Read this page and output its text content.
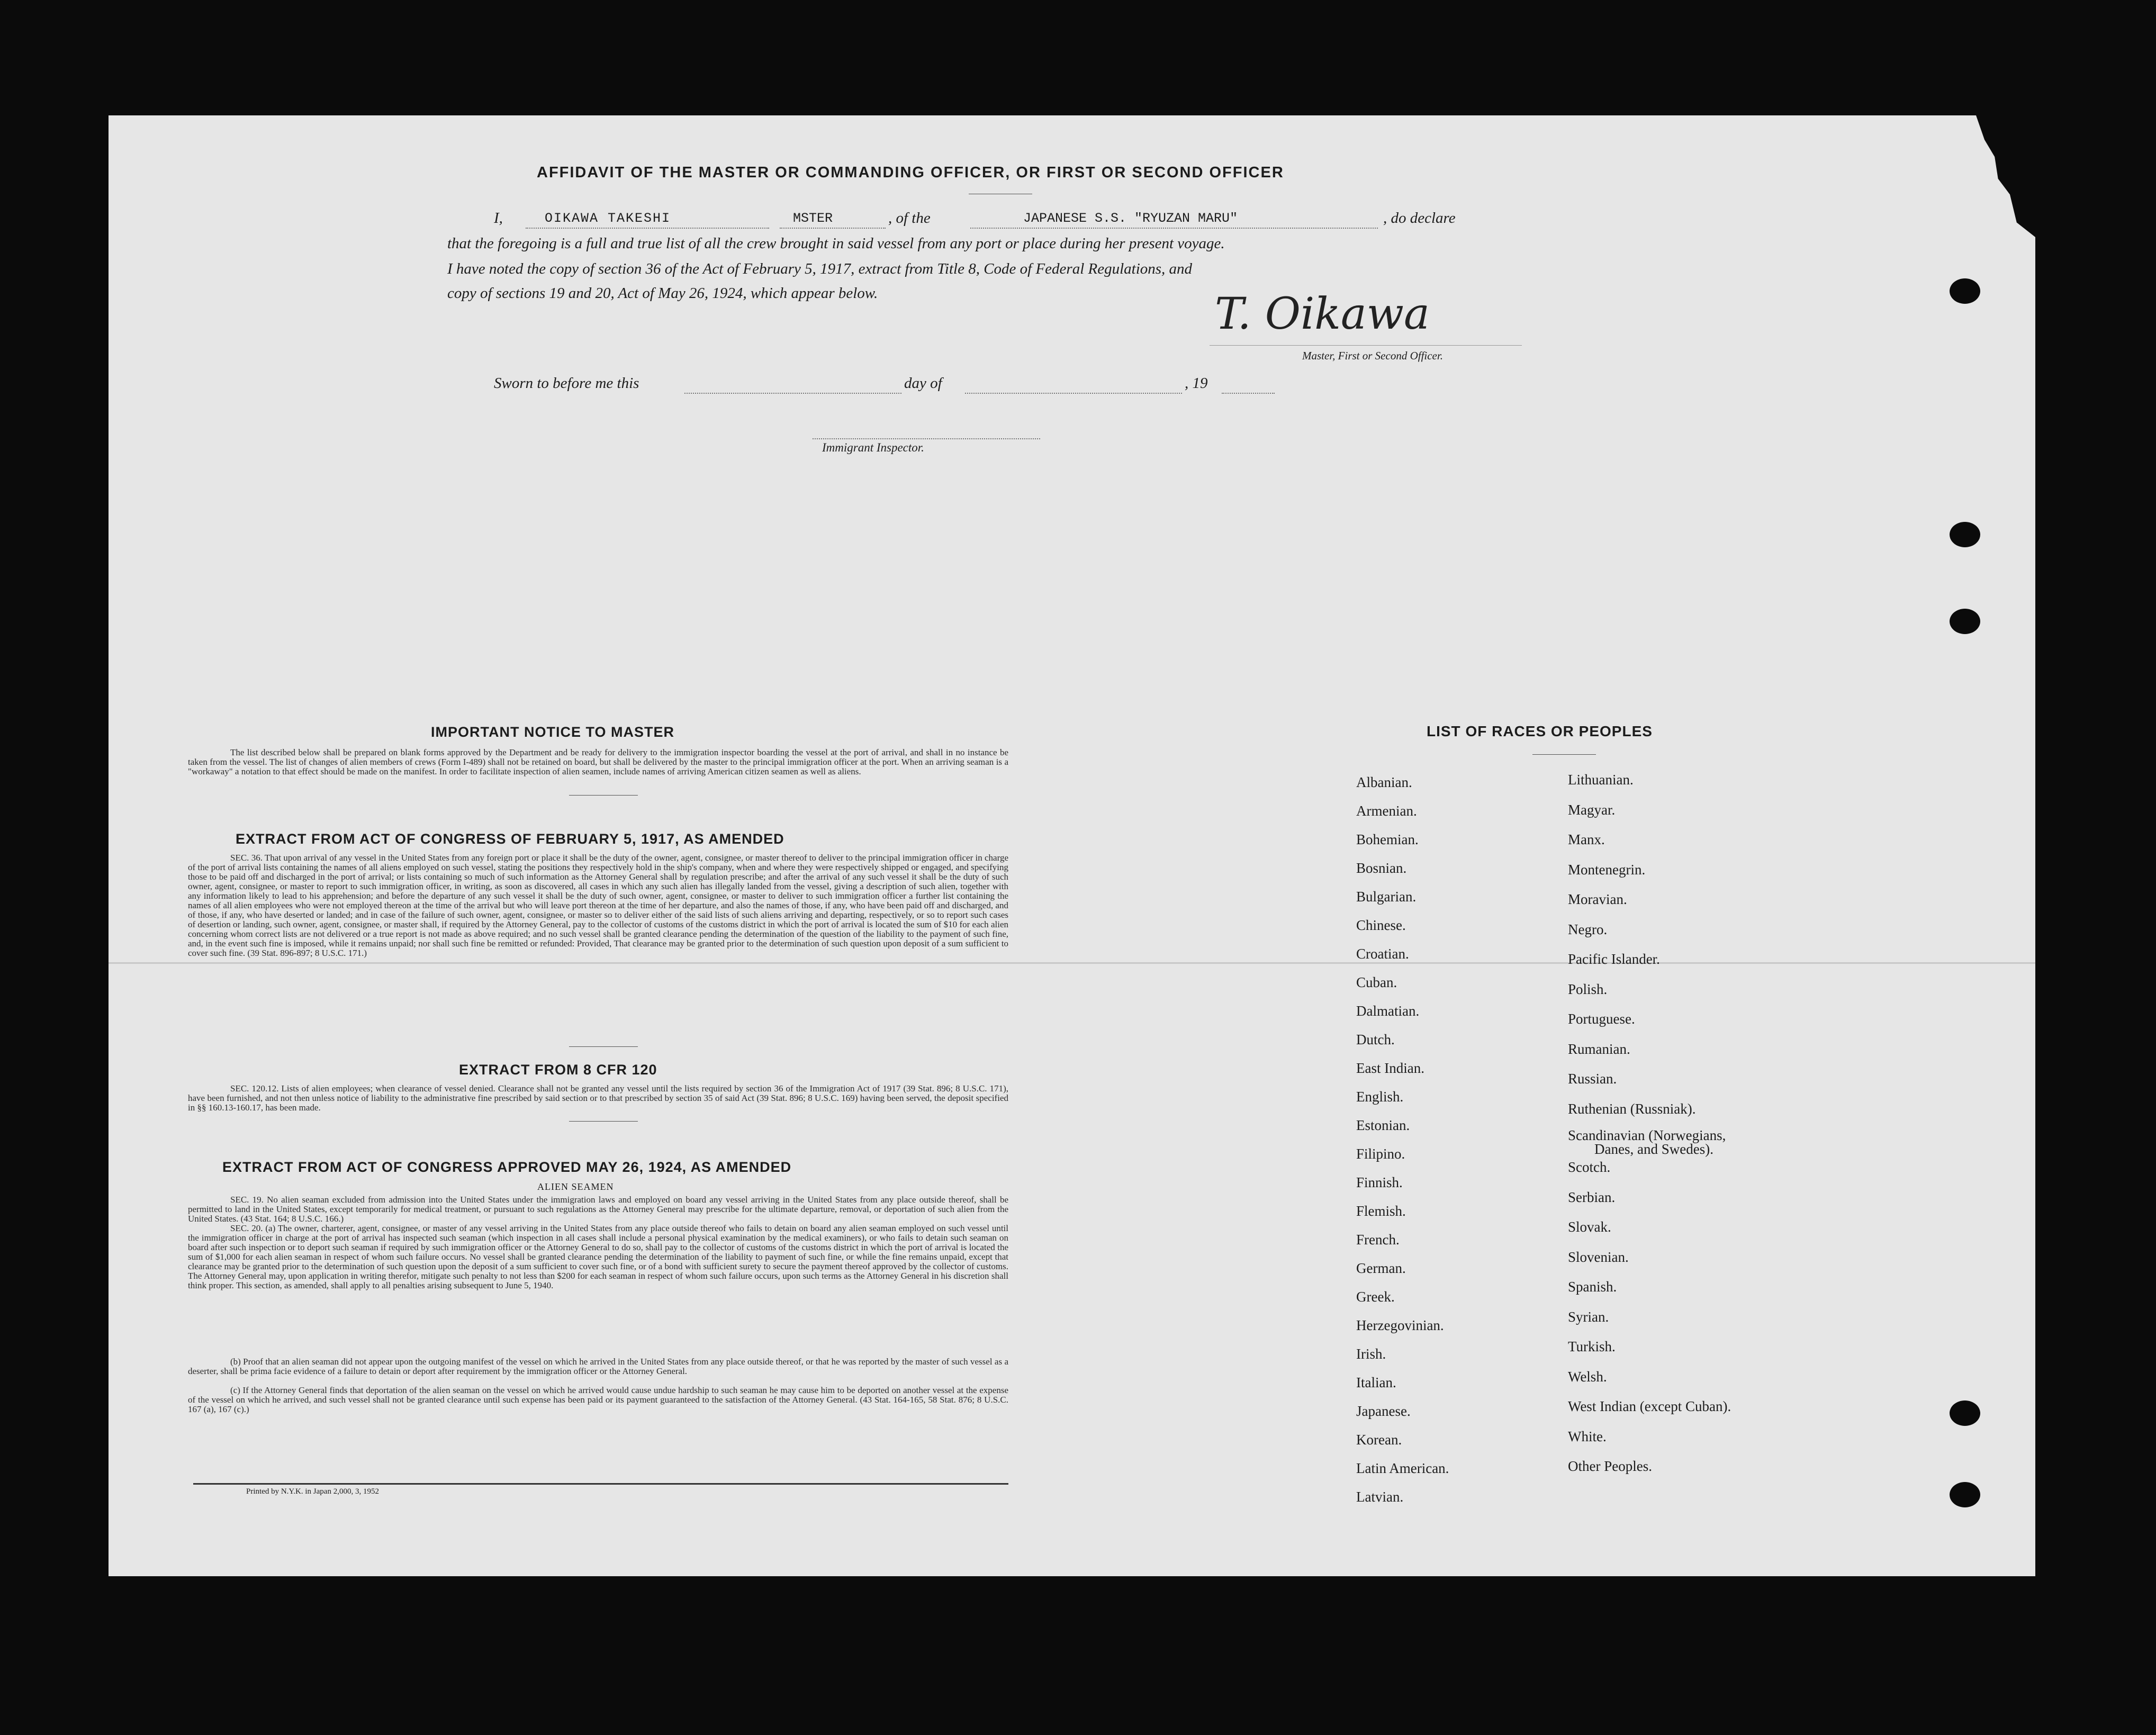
AFFIDAVIT OF THE MASTER OR COMMANDING OFFICER, OR FIRST OR SECOND OFFICER
I,	OIKAWA TAKESHI	MSTER	, of the	JAPANESE S.S. "RYUZAN MARU"	, do declare
that the foregoing is a full and true list of all the crew brought in said vessel from any port or place during her present voyage.
I have noted the copy of section 36 of the Act of February 5, 1917, extract from Title 8, Code of Federal Regulations, and
copy of sections 19 and 20, Act of May 26, 1924, which appear below.	T. Oikawa
Master, First or Second Officer.
Sworn to before me this	day of	, 19
Immigrant Inspector.
IMPORTANT NOTICE TO MASTER
The list described below shall be prepared on blank forms approved by the Department and be ready for delivery to the immigration inspector boarding the vessel at the port of arrival, and shall in no instance be taken from the vessel. The list of changes of alien members of crews (Form I-489) shall not be retained on board, but shall be delivered by the master to the principal immigration officer at the port. When an arriving seaman is a "workaway" a notation to that effect should be made on the manifest. In order to facilitate inspection of alien seamen, include names of arriving American citizen seamen as well as aliens.
EXTRACT FROM ACT OF CONGRESS OF FEBRUARY 5, 1917, AS AMENDED
SEC. 36. That upon arrival of any vessel in the United States from any foreign port or place it shall be the duty of the owner, agent, consignee, or master thereof to deliver to the principal immigration officer in charge of the port of arrival lists containing the names of all aliens employed on such vessel, stating the positions they respectively hold in the ship's company, when and where they were respectively shipped or engaged, and specifying those to be paid off and discharged in the port of arrival; or lists containing so much of such information as the Attorney General shall by regulation prescribe; and after the arrival of any such vessel it shall be the duty of such owner, agent, consignee, or master to report to such immigration officer, in writing, as soon as discovered, all cases in which any such alien has illegally landed from the vessel, giving a description of such alien, together with any information likely to lead to his apprehension; and before the departure of any such vessel it shall be the duty of such owner, agent, consignee, or master to deliver to such immigration officer a further list containing the names of all alien employees who were not employed thereon at the time of the arrival but who will leave port thereon at the time of her departure, and also the names of those, if any, who have been paid off and discharged, and of those, if any, who have deserted or landed; and in case of the failure of such owner, agent, consignee, or master so to deliver either of the said lists of such aliens arriving and departing, respectively, or so to report such cases of desertion or landing, such owner, agent, consignee, or master shall, if required by the Attorney General, pay to the collector of customs of the customs district in which the port of arrival is located the sum of $10 for each alien concerning whom correct lists are not delivered or a true report is not made as above required; and no such vessel shall be granted clearance pending the determination of the question of the liability to the payment of such fine, and, in the event such fine is imposed, while it remains unpaid; nor shall such fine be remitted or refunded: Provided, That clearance may be granted prior to the determination of such question upon deposit of a sum sufficient to cover such fine. (39 Stat. 896-897; 8 U.S.C. 171.)
EXTRACT FROM 8 CFR 120
SEC. 120.12. Lists of alien employees; when clearance of vessel denied. Clearance shall not be granted any vessel until the lists required by section 36 of the Immigration Act of 1917 (39 Stat. 896; 8 U.S.C. 171), have been furnished, and not then unless notice of liability to the administrative fine prescribed by said section or to that prescribed by section 35 of said Act (39 Stat. 896; 8 U.S.C. 169) having been served, the deposit specified in §§ 160.13-160.17, has been made.
EXTRACT FROM ACT OF CONGRESS APPROVED MAY 26, 1924, AS AMENDED
ALIEN SEAMEN
SEC. 19. No alien seaman excluded from admission into the United States under the immigration laws and employed on board any vessel arriving in the United States from any place outside thereof, shall be permitted to land in the United States, except temporarily for medical treatment, or pursuant to such regulations as the Attorney General may prescribe for the ultimate departure, removal, or deportation of such alien from the United States. (43 Stat. 164; 8 U.S.C. 166.)
SEC. 20. (a) The owner, charterer, agent, consignee, or master of any vessel arriving in the United States from any place outside thereof who fails to detain on board any alien seaman employed on such vessel until the immigration officer in charge at the port of arrival has inspected such seaman (which inspection in all cases shall include a personal physical examination by the medical examiners), or who fails to detain such seaman on board after such inspection or to deport such seaman if required by such immigration officer or the Attorney General to do so, shall pay to the collector of customs of the customs district in which the port of arrival is located the sum of $1,000 for each alien seaman in respect of whom such failure occurs. No vessel shall be granted clearance pending the determination of the liability to payment of such fine, or while the fine remains unpaid, except that clearance may be granted prior to the determination of such question upon the deposit of a sum sufficient to cover such fine, or of a bond with sufficient surety to secure the payment thereof approved by the collector of customs. The Attorney General may, upon application in writing therefor, mitigate such penalty to not less than $200 for each seaman in respect of whom such failure occurs, upon such terms as the Attorney General in his discretion shall think proper. This section, as amended, shall apply to all penalties arising subsequent to June 5, 1940.
(b) Proof that an alien seaman did not appear upon the outgoing manifest of the vessel on which he arrived in the United States from any place outside thereof, or that he was reported by the master of such vessel as a deserter, shall be prima facie evidence of a failure to detain or deport after requirement by the immigration officer or the Attorney General.
(c) If the Attorney General finds that deportation of the alien seaman on the vessel on which he arrived would cause undue hardship to such seaman he may cause him to be deported on another vessel at the expense of the vessel on which he arrived, and such vessel shall not be granted clearance until such expense has been paid or its payment guaranteed to the satisfaction of the Attorney General. (43 Stat. 164-165, 58 Stat. 876; 8 U.S.C. 167 (a), 167 (c).)
Printed by N.Y.K. in Japan 2,000, 3, 1952
LIST OF RACES OR PEOPLES
Albanian.
Armenian.
Bohemian.
Bosnian.
Bulgarian.
Chinese.
Croatian.
Cuban.
Dalmatian.
Dutch.
East Indian.
English.
Estonian.
Filipino.
Finnish.
Flemish.
French.
German.
Greek.
Herzegovinian.
Irish.
Italian.
Japanese.
Korean.
Latin American.
Latvian.
Lithuanian.
Magyar.
Manx.
Montenegrin.
Moravian.
Negro.
Pacific Islander.
Polish.
Portuguese.
Rumanian.
Russian.
Ruthenian (Russniak).
Scandinavian (Norwegians,
Danes, and Swedes).
Scotch.
Serbian.
Slovak.
Slovenian.
Spanish.
Syrian.
Turkish.
Welsh.
West Indian (except Cuban).
White.
Other Peoples.
